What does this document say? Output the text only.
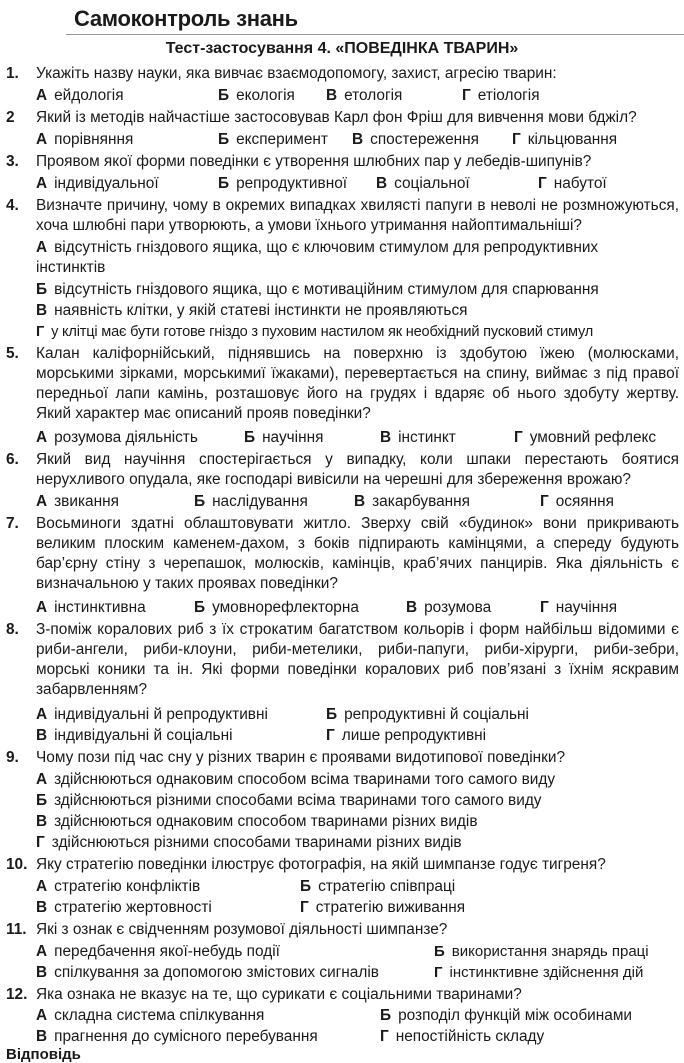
Самоконтроль знань
Тест-застосування 4. «ПОВЕДІНКА ТВАРИН»
1. Укажіть назву науки, яка вивчає взаємодопомогу, захист, агресію тварин:
А ейдологія	Б екологія В етологія	Г етіологія
2 Який із методів найчастіше застосовував Карл фон Фріш для вивчення мови бджіл?
А порівняння	Б експеримент В спостереження Г кільцювання
3. Проявом якої форми поведінки є утворення шлюбних пар у лебедів-шипунів?
А індивідуальної	Б репродуктивної В соціальної	Г набутої
4. Визначте причину, чому в окремих випадках хвилясті папуги в неволі не розмножуються, хоча шлюбні пари утворюють, а умови їхнього утримання найоптимальніші?
А відсутність гніздового ящика, що є ключовим стимулом для репродуктивних інстинктів
Б відсутність гніздового ящика, що є мотиваційним стимулом для спарювання
В наявність клітки, у якій статеві інстинкти не проявляються
Г у клітці має бути готове гніздо з пуховим настилом як необхідний пусковий стимул
5. Калан каліфорнійський, піднявшись на поверхню із здобутою їжею (молюсками, морськими зірками, морськимиї їжаками), перевертається на спину, виймає з під правої передньої лапи камінь, розташовує його на грудях і вдаряє об нього здобуту жертву. Який характер має описаний прояв поведінки?
А розумова діяльність	Б научіння	В інстинкт	Г умовний рефлекс
6. Який вид научіння спостерігається у випадку, коли шпаки перестають боятися нерухливого опудала, яке господарі вивісили на черешні для збереження врожаю?
А звикання	Б наслідування	В закарбування	Г осяяння
7. Восьминоги здатні облаштовувати житло. Зверху свій «будинок» вони прикривають великим плоским каменем-дахом, з боків підпирають камінцями, а спереду будують бар’єрну стіну з черепашок, молюсків, камінців, краб’ячих панцирів. Яка діяльність є визначальною у таких проявах поведінки?
А інстинктивна	Б умовнорефлекторна	В розумова	Г научіння
8. З-поміж коралових риб з їх строкатим багатством кольорів і форм найбільш відомими є риби-ангели, риби-клоуни, риби-метелики, риби-папуги, риби-хірурги, риби-зебри, морські коники та ін. Які форми поведінки коралових риб пов’язані з їхнім яскравим забарвленням?
А індивідуальні й репродуктивні	Б репродуктивні й соціальні
В індивідуальні й соціальні	Г лише репродуктивні
9. Чому пози під час сну у різних тварин є проявами видотипової поведінки?
А здійснюються однаковим способом всіма тваринами того самого виду
Б здійснюються різними способами всіма тваринами того самого виду
В здійснюються однаковим способом тваринами різних видів
Г здійснюються різними способами тваринами різних видів
10. Яку стратегію поведінки ілюструє фотографія, на якій шимпанзе годує тигреня?
А стратегію конфліктів	Б стратегію співпраці
В стратегію жертовності	Г стратегію виживання
11. Які з ознак є свідченням розумової діяльності шимпанзе?
А передбачення якої-небудь події	Б використання знарядь праці
В спілкування за допомогою змістових сигналів	Г інстинктивне здійснення дій
12. Яка ознака не вказує на те, що сурикати є соціальними тваринами?
А складна система спілкування	Б розподіл функцій між особинами
В прагнення до сумісного перебування	Г непостійність складу
Відповідь
